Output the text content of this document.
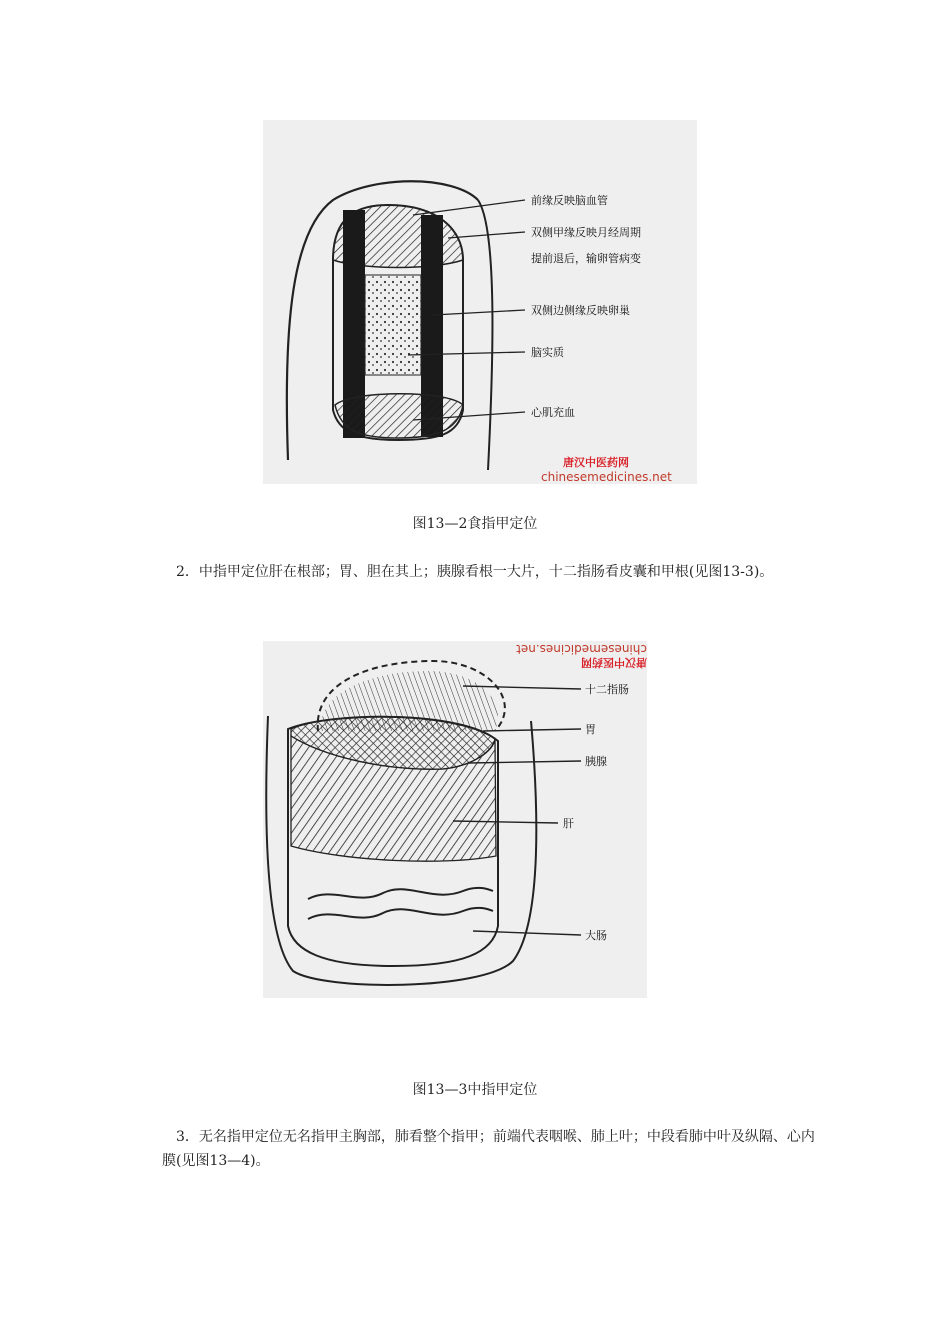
前缘反映脑血管
双侧甲缘反映月经周期
提前退后，输卵管病变
双侧边侧缘反映卵巢
脑实质
心肌充血
唐汉中医药网
chinesemedicines.net
图13—2食指甲定位
2．中指甲定位肝在根部；胃、胆在其上；胰腺看根一大片，十二指肠看皮囊和甲根(见图13-3)。
chinesemedicines.net
唐汉中医药网
十二指肠
胃
胰腺
肝
大肠
图13—3中指甲定位
3．无名指甲定位无名指甲主胸部，肺看整个指甲；前端代表咽喉、肺上叶；中段看肺中叶及纵隔、心内膜(见图13—4)。
